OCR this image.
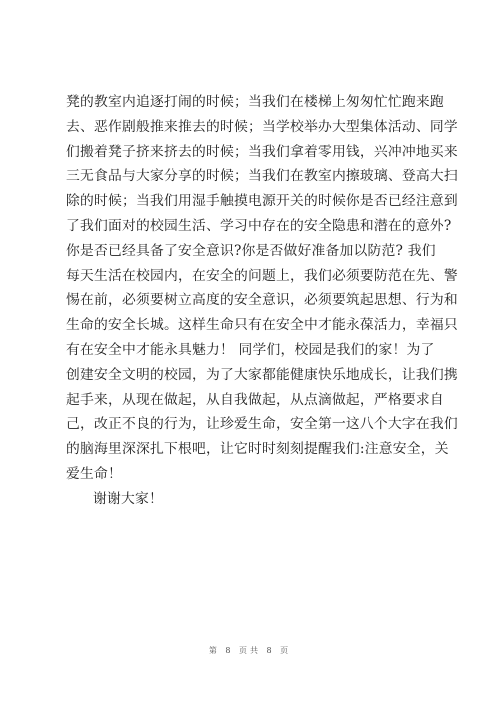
凳的教室内追逐打闹的时候；当我们在楼梯上匆匆忙忙跑来跑
去、恶作剧般推来推去的时候；当学校举办大型集体活动、同学
们搬着凳子挤来挤去的时候；当我们拿着零用钱，兴冲冲地买来
三无食品与大家分享的时候；当我们在教室内擦玻璃、登高大扫
除的时候；当我们用湿手触摸电源开关的时候你是否已经注意到
了我们面对的校园生活、学习中存在的安全隐患和潜在的意外?
你是否已经具备了安全意识?你是否做好准备加以防范? 我们
每天生活在校园内，在安全的问题上，我们必须要防范在先、警
惕在前，必须要树立高度的安全意识，必须要筑起思想、行为和
生命的安全长城。这样生命只有在安全中才能永葆活力，幸福只
有在安全中才能永具魅力！ 同学们，校园是我们的家！为了
创建安全文明的校园，为了大家都能健康快乐地成长，让我们携
起手来，从现在做起，从自我做起，从点滴做起，严格要求自
己，改正不良的行为，让珍爱生命，安全第一这八个大字在我们
的脑海里深深扎下根吧，让它时时刻刻提醒我们:注意安全，关
爱生命！
谢谢大家！
第 8 页共 8 页
